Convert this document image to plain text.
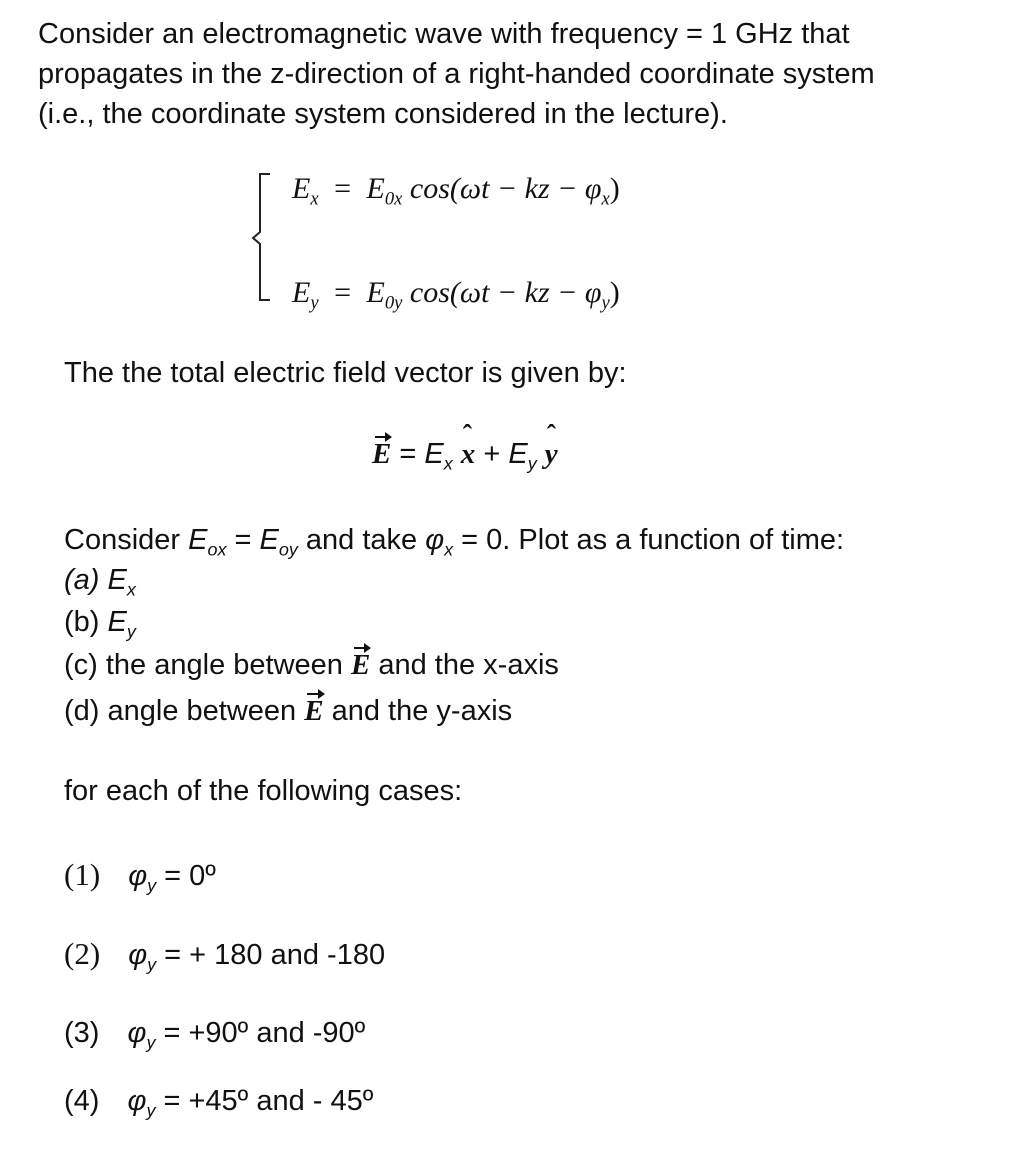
Consider an electromagnetic wave with frequency = 1 GHz that
propagates in the z-direction of a right-handed coordinate system
(i.e., the coordinate system considered in the lecture).
$E_x = E_{0x}$ cos(ωt − kz − $\varphi_x$)
$E_y = E_{0y}$ cos(ωt − kz − $\varphi_y$)
The the total electric field vector is given by:
$E = E_x$ ˆ $x + E_y$ ˆ y
Consider $E_{ox} = E_{oy}$ and take $\varphi_x = 0$. Plot as a function of time:
(a) $E_x$
(b) $E_y$
(c) the angle between E and the x-axis
(d) angle between E and the y-axis
for each of the following cases:
(1) $\varphi_y$ = 0º
(2) $\varphi_y$ = + 180 and -180
(3) $\varphi_y$ = +90º and -90º
(4) $\varphi_y$ = +45º and - 45º
